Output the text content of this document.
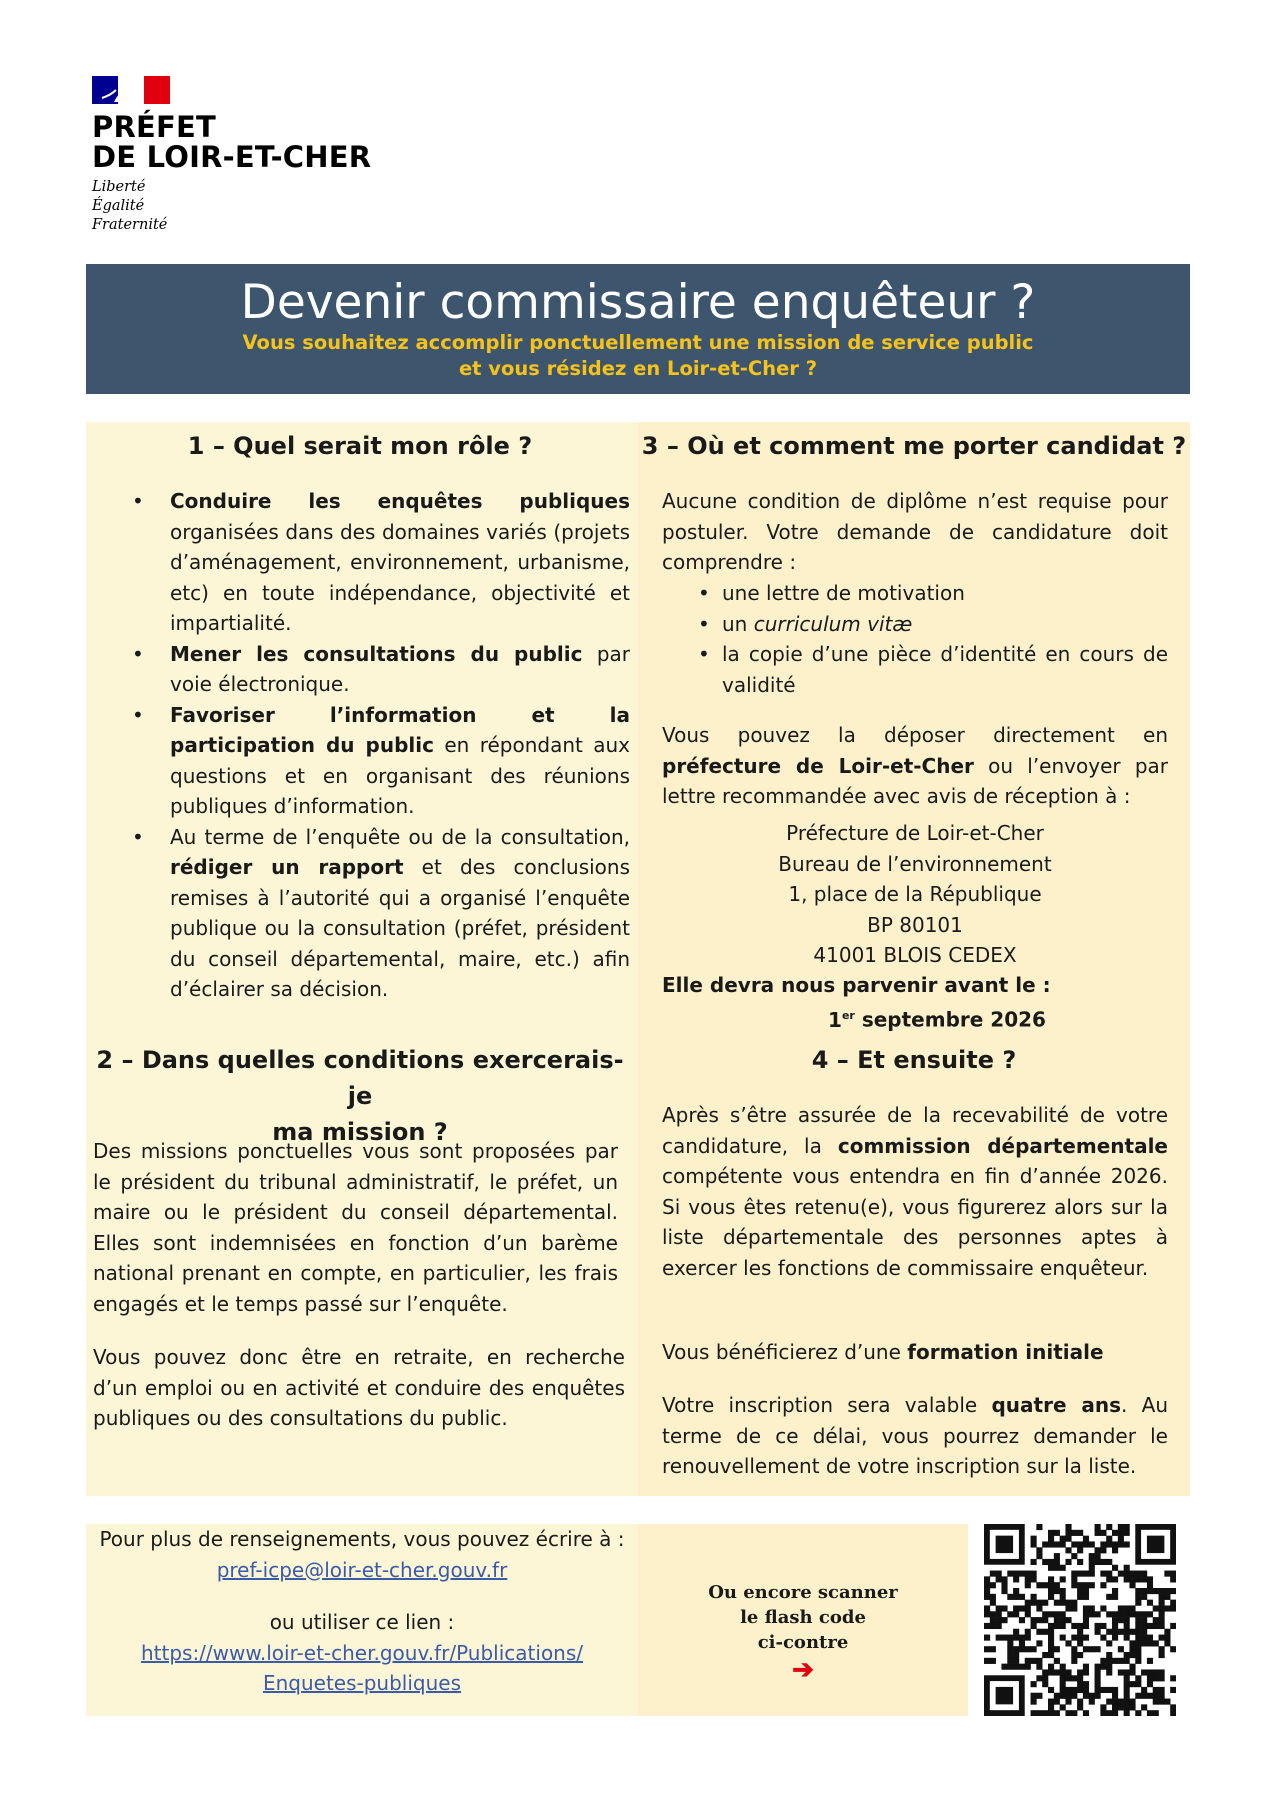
PRÉFET
DE LOIR-ET-CHER
Liberté
Égalité
Fraternité
Devenir commissaire enquêteur ?
Vous souhaitez accomplir ponctuellement une mission de service public
et vous résidez en Loir-et-Cher ?
1 – Quel serait mon rôle ?
• Conduire les enquêtes publiques organisées dans des domaines variés (projets d’aménagement, environnement, urbanisme, etc) en toute indépendance, objectivité et impartialité.
• Mener les consultations du public par voie électronique.
• Favoriser l’information et la participation du public en répondant aux questions et en organisant des réunions publiques d’information.
• Au terme de l’enquête ou de la consultation, rédiger un rapport et des conclusions remises à l’autorité qui a organisé l’enquête publique ou la consultation (préfet, président du conseil départemental, maire, etc.) afin d’éclairer sa décision.
2 – Dans quelles conditions exercerais-je
ma mission ?
Des missions ponctuelles vous sont proposées par le président du tribunal administratif, le préfet, un maire ou le président du conseil départemental. Elles sont indemnisées en fonction d’un barème national prenant en compte, en particulier, les frais engagés et le temps passé sur l’enquête.
Vous pouvez donc être en retraite, en recherche d’un emploi ou en activité et conduire des enquêtes publiques ou des consultations du public.
3 – Où et comment me porter candidat ?
Aucune condition de diplôme n’est requise pour postuler. Votre demande de candidature doit comprendre :
• une lettre de motivation
• un curriculum vitæ
• la copie d’une pièce d’identité en cours de validité
Vous pouvez la déposer directement en préfecture de Loir-et-Cher ou l’envoyer par lettre recommandée avec avis de réception à :
Préfecture de Loir-et-Cher
Bureau de l’environnement
1, place de la République
BP 80101
41001 BLOIS CEDEX
Elle devra nous parvenir avant le :
1er septembre 2026
4 – Et ensuite ?
Après s’être assurée de la recevabilité de votre candidature, la commission départementale compétente vous entendra en fin d’année 2026. Si vous êtes retenu(e), vous figurerez alors sur la liste départementale des personnes aptes à exercer les fonctions de commissaire enquêteur.
Vous bénéficierez d’une formation initiale
Votre inscription sera valable quatre ans. Au terme de ce délai, vous pourrez demander le renouvellement de votre inscription sur la liste.
Pour plus de renseignements, vous pouvez écrire à :
pref-icpe@loir-et-cher.gouv.fr
ou utiliser ce lien :
https://www.loir-et-cher.gouv.fr/Publications/
Enquetes-publiques
Ou encore scanner
le flash code
ci-contre
➔
